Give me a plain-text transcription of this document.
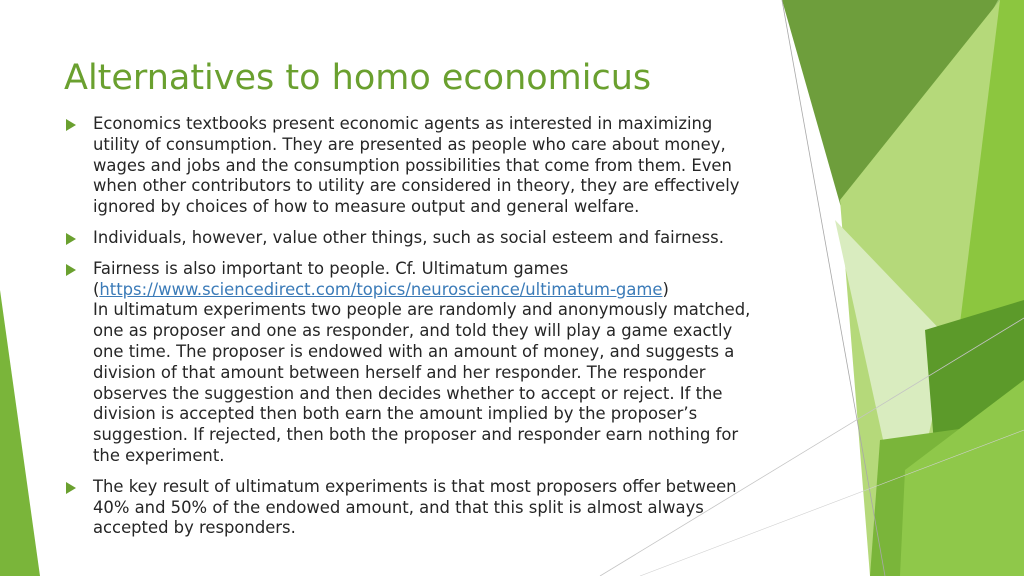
Alternatives to homo economicus
Economics textbooks present economic agents as interested in maximizing
utility of consumption. They are presented as people who care about money,
wages and jobs and the consumption possibilities that come from them. Even
when other contributors to utility are considered in theory, they are effectively
ignored by choices of how to measure output and general welfare.
Individuals, however, value other things, such as social esteem and fairness.
Fairness is also important to people. Cf. Ultimatum games
(https://www.sciencedirect.com/topics/neuroscience/ultimatum-game)
In ultimatum experiments two people are randomly and anonymously matched,
one as proposer and one as responder, and told they will play a game exactly
one time. The proposer is endowed with an amount of money, and suggests a
division of that amount between herself and her responder. The responder
observes the suggestion and then decides whether to accept or reject. If the
division is accepted then both earn the amount implied by the proposer’s
suggestion. If rejected, then both the proposer and responder earn nothing for
the experiment.
The key result of ultimatum experiments is that most proposers offer between
40% and 50% of the endowed amount, and that this split is almost always
accepted by responders.
